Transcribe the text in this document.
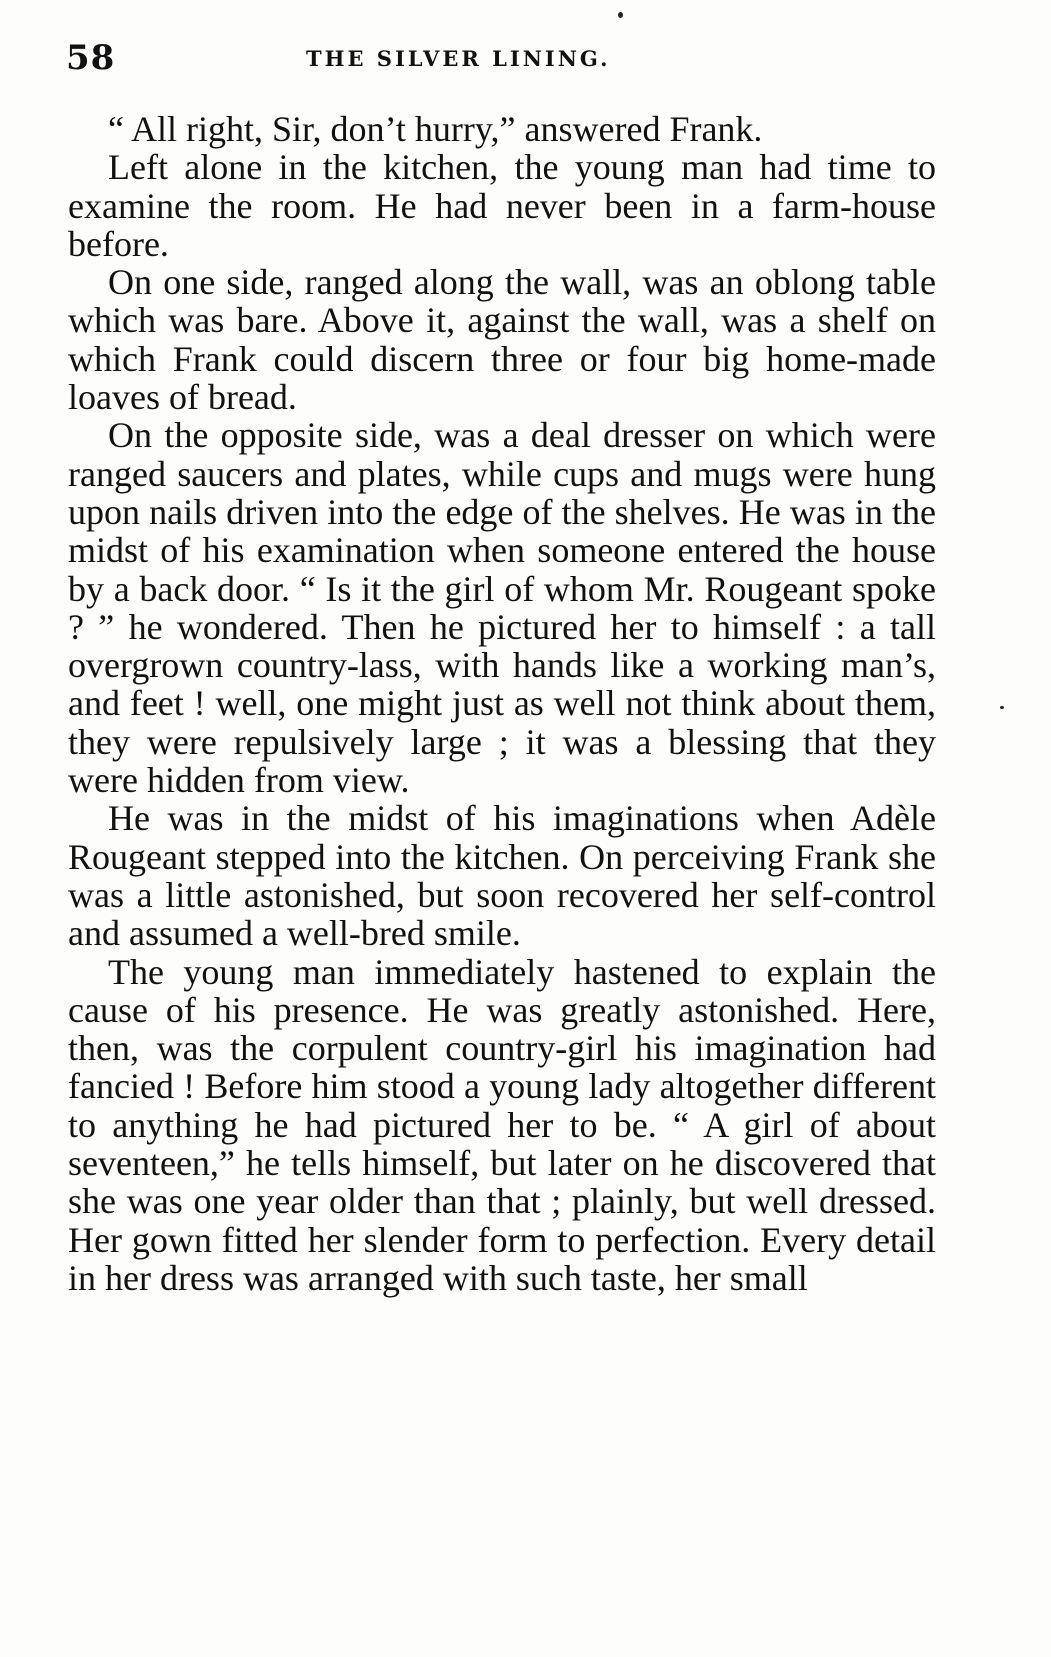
58	THE SILVER LINING.

“ All right, Sir, don’t hurry,” answered Frank.

Left alone in the kitchen, the young man had time to examine the room. He had never been in a farm-house before.

On one side, ranged along the wall, was an oblong table which was bare. Above it, against the wall, was a shelf on which Frank could discern three or four big home-made loaves of bread.

On the opposite side, was a deal dresser on which were ranged saucers and plates, while cups and mugs were hung upon nails driven into the edge of the shelves. He was in the midst of his examination when someone entered the house by a back door. “ Is it the girl of whom Mr. Rougeant spoke ? ” he wondered. Then he pictured her to himself : a tall overgrown country-lass, with hands like a working man’s, and feet ! well, one might just as well not think about them, they were repulsively large ; it was a blessing that they were hidden from view.

He was in the midst of his imaginations when Adèle Rougeant stepped into the kitchen. On perceiving Frank she was a little astonished, but soon recovered her self-control and assumed a well-bred smile.

The young man immediately hastened to explain the cause of his presence. He was greatly astonished. Here, then, was the corpulent country-girl his imagination had fancied ! Before him stood a young lady altogether different to anything he had pictured her to be. “ A girl of about seventeen,” he tells himself, but later on he discovered that she was one year older than that ; plainly, but well dressed. Her gown fitted her slender form to perfection. Every detail in her dress was arranged with such taste, her small
